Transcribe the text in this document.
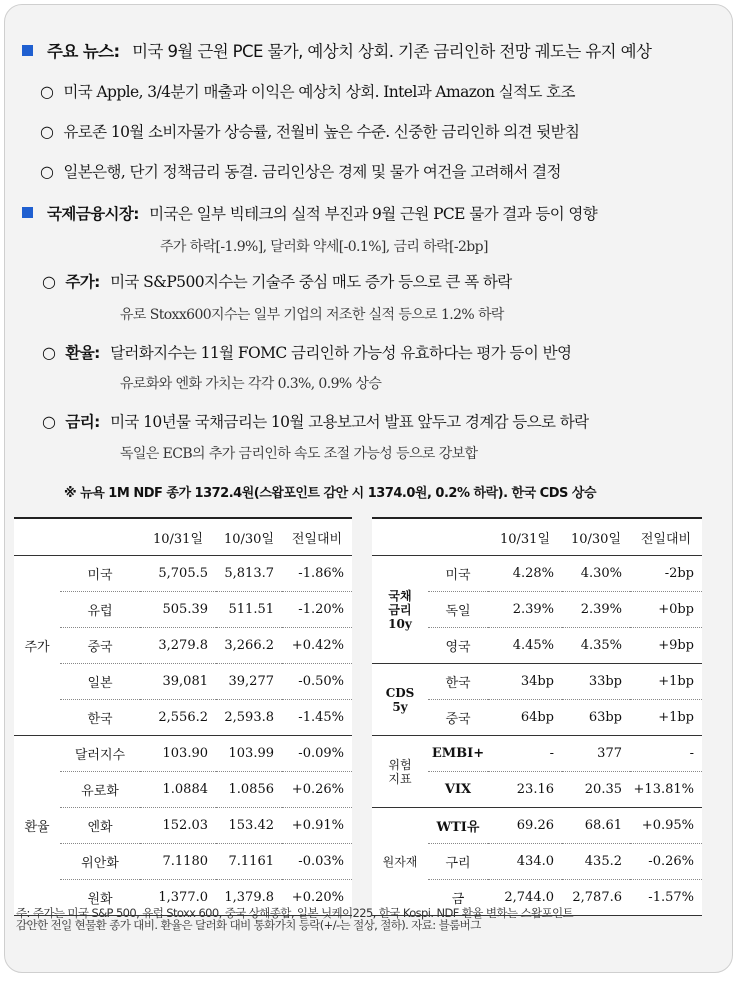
주요 뉴스: 미국 9월 근원 PCE 물가, 예상치 상회. 기존 금리인하 전망 궤도는 유지 예상
○ 미국 Apple, 3/4분기 매출과 이익은 예상치 상회. Intel과 Amazon 실적도 호조
○ 유로존 10월 소비자물가 상승률, 전월비 높은 수준. 신중한 금리인하 의견 뒷받침
○ 일본은행, 단기 정책금리 동결. 금리인상은 경제 및 물가 여건을 고려해서 결정
국제금융시장: 미국은 일부 빅테크의 실적 부진과 9월 근원 PCE 물가 결과 등이 영향
주가 하락[-1.9%], 달러화 약세[-0.1%], 금리 하락[-2bp]
○ 주가: 미국 S&P500지수는 기술주 중심 매도 증가 등으로 큰 폭 하락
유로 Stoxx600지수는 일부 기업의 저조한 실적 등으로 1.2% 하락
○ 환율: 달러화지수는 11월 FOMC 금리인하 가능성 유효하다는 평가 등이 반영
유로화와 엔화 가치는 각각 0.3%, 0.9% 상승
○ 금리: 미국 10년물 국채금리는 10월 고용보고서 발표 앞두고 경계감 등으로 하락
독일은 ECB의 추가 금리인하 속도 조절 가능성 등으로 강보합
※ 뉴욕 1M NDF 종가 1372.4원(스왑포인트 감안 시 1374.0원, 0.2% 하락). 한국 CDS 상승
		10/31일	10/30일	전일대비
주가	미국	5,705.5	5,813.7	-1.86%
	유럽	505.39	511.51	-1.20%
	중국	3,279.8	3,266.2	+0.42%
	일본	39,081	39,277	-0.50%
	한국	2,556.2	2,593.8	-1.45%
환율	달러지수	103.90	103.99	-0.09%
	유로화	1.0884	1.0856	+0.26%
	엔화	152.03	153.42	+0.91%
	위안화	7.1180	7.1161	-0.03%
	원화	1,377.0	1,379.8	+0.20%
		10/31일	10/30일	전일대비
국채
금리
10y	미국	4.28%	4.30%	-2bp
	독일	2.39%	2.39%	+0bp
	영국	4.45%	4.35%	+9bp
CDS
5y	한국	34bp	33bp	+1bp
	중국	64bp	63bp	+1bp
위험
지표	EMBI+	-	377	-
	VIX	23.16	20.35	+13.81%
원자재	WTI유	69.26	68.61	+0.95%
	구리	434.0	435.2	-0.26%
	금	2,744.0	2,787.6	-1.57%
주: 주가는 미국 S&P 500, 유럽 Stoxx 600, 중국 상해종합, 일본 닛케이225, 한국 Kospi. NDF 환율 변화는 스왑포인트
감안한 전일 현물환 종가 대비. 환율은 달러화 대비 통화가치 등락(+/-는 절상, 절하). 자료: 블룸버그
